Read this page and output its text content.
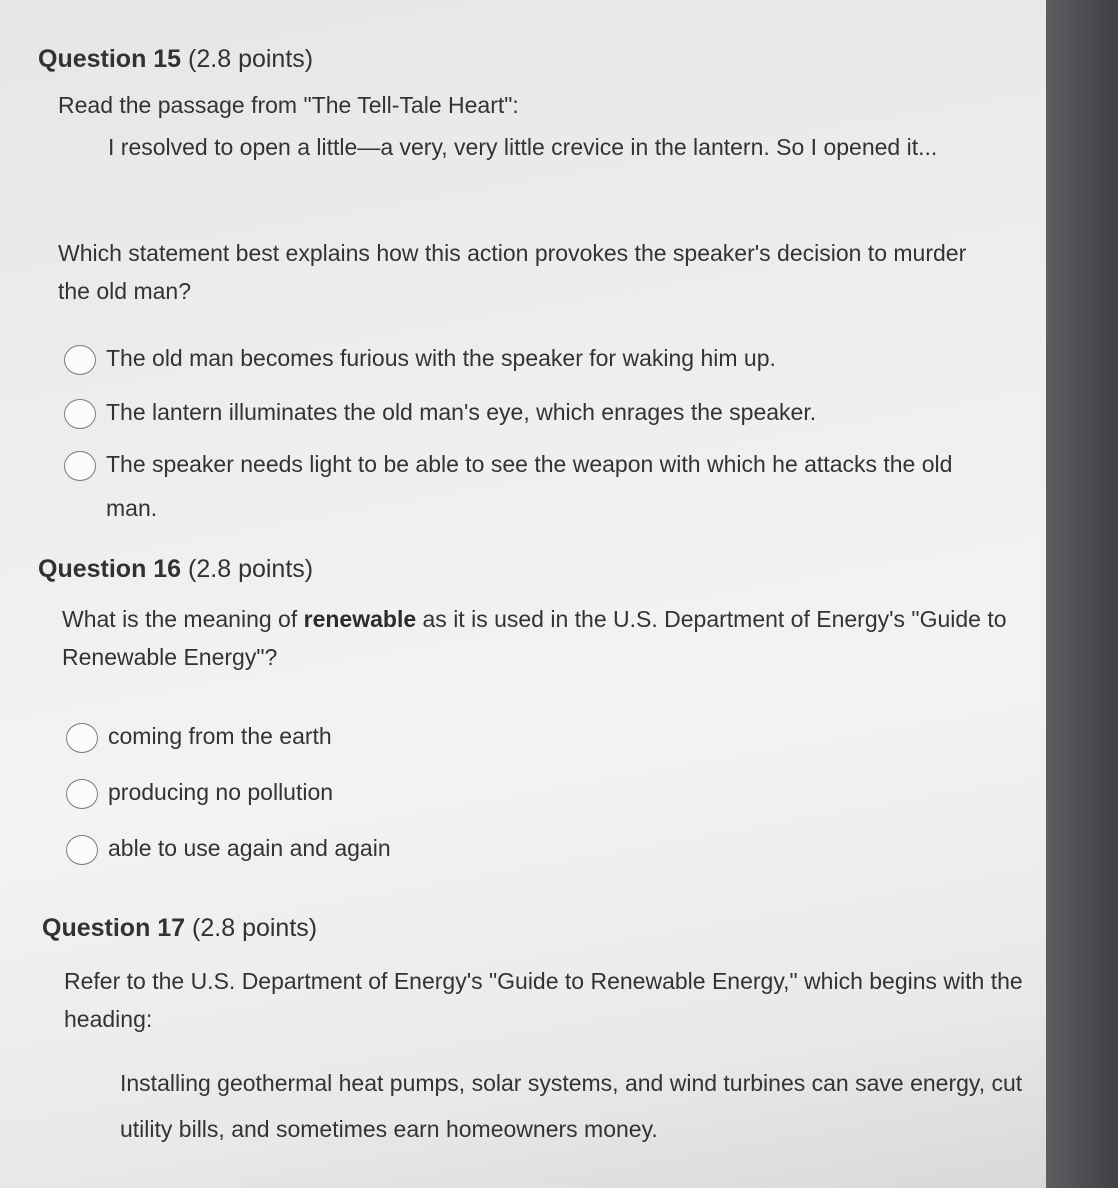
Question 15 (2.8 points)
Read the passage from "The Tell-Tale Heart":
I resolved to open a little—a very, very little crevice in the lantern. So I opened it...
Which statement best explains how this action provokes the speaker's decision to murder the old man?
The old man becomes furious with the speaker for waking him up.
The lantern illuminates the old man's eye, which enrages the speaker.
The speaker needs light to be able to see the weapon with which he attacks the old man.
Question 16 (2.8 points)
What is the meaning of renewable as it is used in the U.S. Department of Energy's "Guide to Renewable Energy"?
coming from the earth
producing no pollution
able to use again and again
Question 17 (2.8 points)
Refer to the U.S. Department of Energy's "Guide to Renewable Energy," which begins with the heading:
Installing geothermal heat pumps, solar systems, and wind turbines can save energy, cut utility bills, and sometimes earn homeowners money.
